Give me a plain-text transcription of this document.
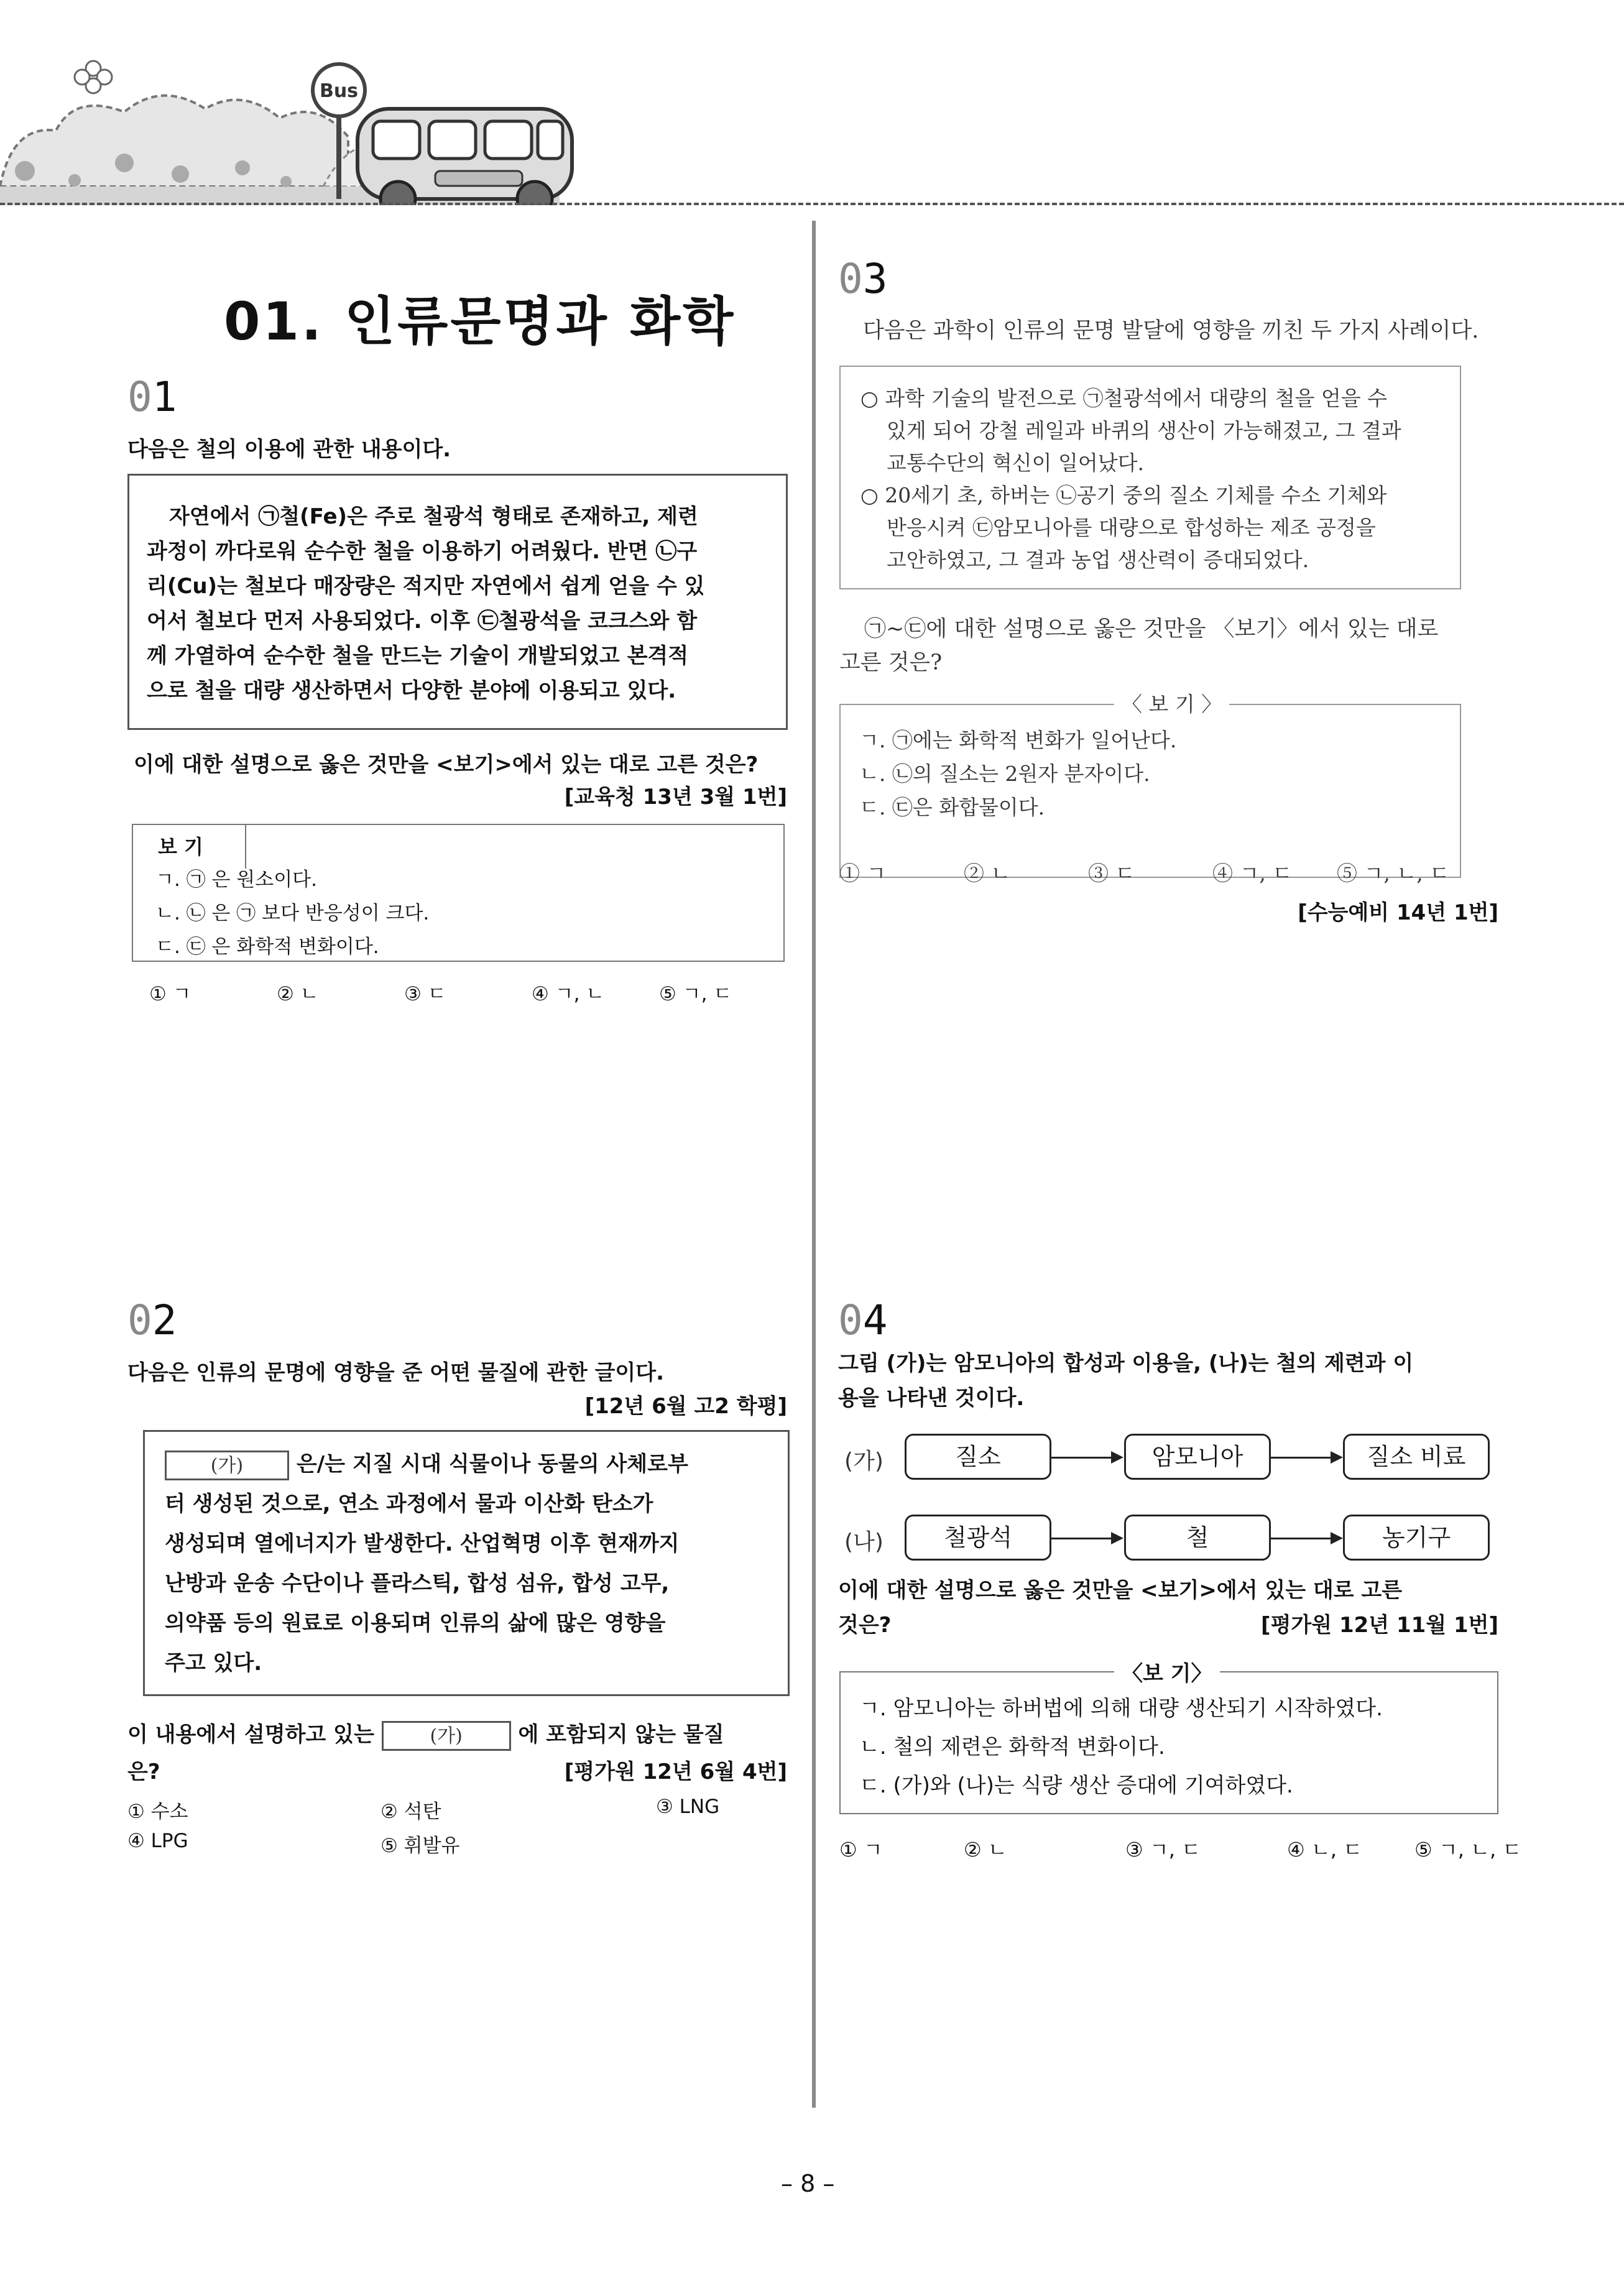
Bus
01. 인류문명과 화학
01
다음은 철의 이용에 관한 내용이다.
자연에서 ㉠철(Fe)은 주로 철광석 형태로 존재하고, 제련
과정이 까다로워 순수한 철을 이용하기 어려웠다. 반면 ㉡구
리(Cu)는 철보다 매장량은 적지만 자연에서 쉽게 얻을 수 있
어서 철보다 먼저 사용되었다. 이후 ㉢철광석을 코크스와 함
께 가열하여 순수한 철을 만드는 기술이 개발되었고 본격적
으로 철을 대량 생산하면서 다양한 분야에 이용되고 있다.
이에 대한 설명으로 옳은 것만을 <보기>에서 있는 대로 고른 것은?
[교육청 13년 3월 1번]
보 기
ㄱ. ㉠ 은 원소이다.
ㄴ. ㉡ 은 ㉠ 보다 반응성이 크다.
ㄷ. ㉢ 은 화학적 변화이다.
① ㄱ	② ㄴ	③ ㄷ	④ ㄱ, ㄴ	⑤ ㄱ, ㄷ
02
다음은 인류의 문명에 영향을 준 어떤 물질에 관한 글이다.
[12년 6월 고2 학평]
(가)	은/는 지질 시대 식물이나 동물의 사체로부
터 생성된 것으로, 연소 과정에서 물과 이산화 탄소가
생성되며 열에너지가 발생한다. 산업혁명 이후 현재까지
난방과 운송 수단이나 플라스틱, 합성 섬유, 합성 고무,
의약품 등의 원료로 이용되며 인류의 삶에 많은 영향을
주고 있다.
이 내용에서 설명하고 있는	(가)	에 포함되지 않는 물질
은?	[평가원 12년 6월 4번]
① 수소	② 석탄	③ LNG
④ LPG	⑤ 휘발유
03
다음은 과학이 인류의 문명 발달에 영향을 끼친 두 가지 사례이다.
○ 과학 기술의 발전으로 ㉠철광석에서 대량의 철을 얻을 수
있게 되어 강철 레일과 바퀴의 생산이 가능해졌고, 그 결과
교통수단의 혁신이 일어났다.
○ 20세기 초, 하버는 ㉡공기 중의 질소 기체를 수소 기체와
반응시켜 ㉢암모니아를 대량으로 합성하는 제조 공정을
고안하였고, 그 결과 농업 생산력이 증대되었다.
㉠~㉢에 대한 설명으로 옳은 것만을 〈보기〉에서 있는 대로
고른 것은?
〈 보 기 〉
ㄱ. ㉠에는 화학적 변화가 일어난다.
ㄴ. ㉡의 질소는 2원자 분자이다.
ㄷ. ㉢은 화합물이다.
① ㄱ	② ㄴ	③ ㄷ	④ ㄱ, ㄷ	⑤ ㄱ, ㄴ, ㄷ
[수능예비 14년 1번]
04
그림 (가)는 암모니아의 합성과 이용을, (나)는 철의 제련과 이
용을 나타낸 것이다.
(가)	질소	암모니아	질소 비료
(나)	철광석	철	농기구
이에 대한 설명으로 옳은 것만을 <보기>에서 있는 대로 고른
것은?	[평가원 12년 11월 1번]
〈보 기〉
ㄱ. 암모니아는 하버법에 의해 대량 생산되기 시작하였다.
ㄴ. 철의 제련은 화학적 변화이다.
ㄷ. (가)와 (나)는 식량 생산 증대에 기여하였다.
① ㄱ	② ㄴ	③ ㄱ, ㄷ	④ ㄴ, ㄷ	⑤ ㄱ, ㄴ, ㄷ
– 8 –
